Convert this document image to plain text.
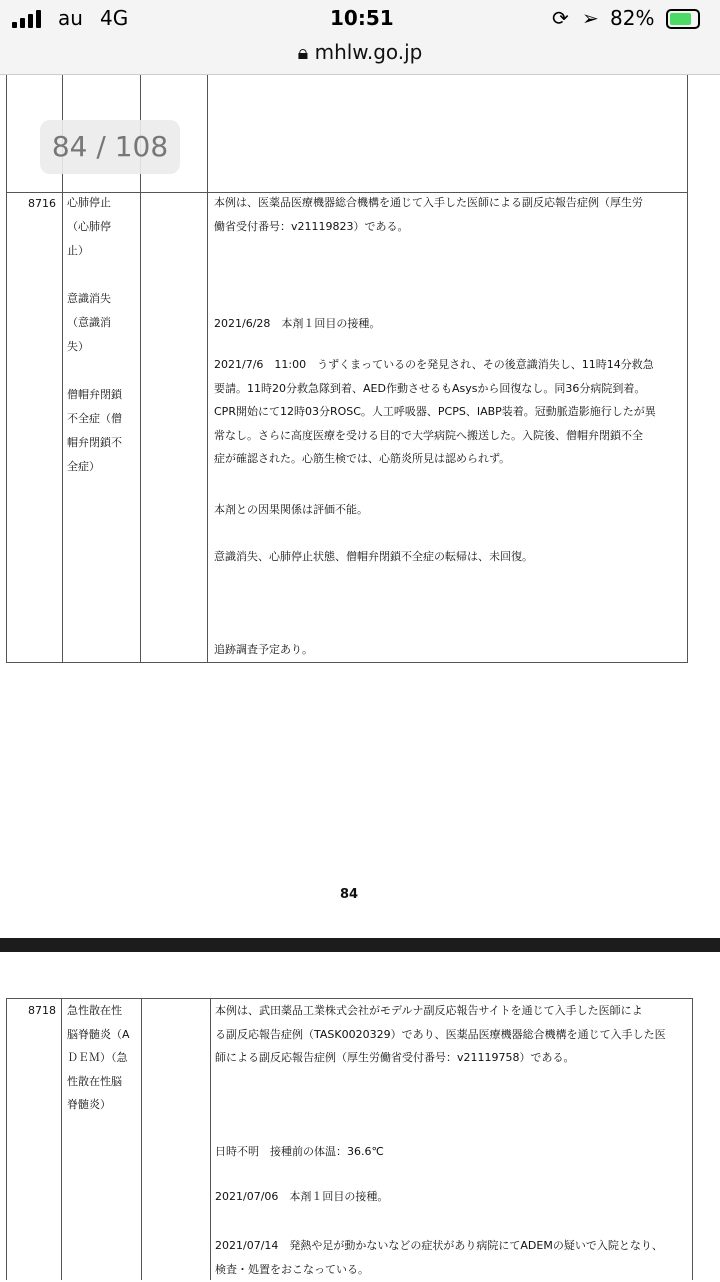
au 4G	10:51	⟳ ➢ 82%
🔒︎ mhlw.go.jp
8716 心肺停止
（心肺停
止）
意識消失
（意識消
失）
僧帽弁閉鎖
不全症（僧
帽弁閉鎖不
全症）
本例は、医薬品医療機器総合機構を通じて入手した医師による副反応報告症例（厚生労
働省受付番号：v21119823）である。
2021/6/28　本剤１回目の接種。
2021/7/6　11:00　うずくまっているのを発見され、その後意識消失し、11時14分救急
要請。11時20分救急隊到着、AED作動させるもAsysから回復なし。同36分病院到着。
CPR開始にて12時03分ROSC。人工呼吸器、PCPS、IABP装着。冠動脈造影施行したが異
常なし。さらに高度医療を受ける目的で大学病院へ搬送した。入院後、僧帽弁閉鎖不全
症が確認された。心筋生検では、心筋炎所見は認められず。
本剤との因果関係は評価不能。
意識消失、心肺停止状態、僧帽弁閉鎖不全症の転帰は、未回復。
追跡調査予定あり。
84
84 / 108
8718 急性散在性
脳脊髄炎（A
ＤＥＭ）（急
性散在性脳
脊髄炎）
本例は、武田薬品工業株式会社がモデルナ副反応報告サイトを通じて入手した医師によ
る副反応報告症例（TASK0020329）であり、医薬品医療機器総合機構を通じて入手した医
師による副反応報告症例（厚生労働省受付番号：v21119758）である。
日時不明　接種前の体温：36.6℃
2021/07/06　本剤１回目の接種。
2021/07/14　発熱や足が動かないなどの症状があり病院にてADEMの疑いで入院となり、
検査・処置をおこなっている。
